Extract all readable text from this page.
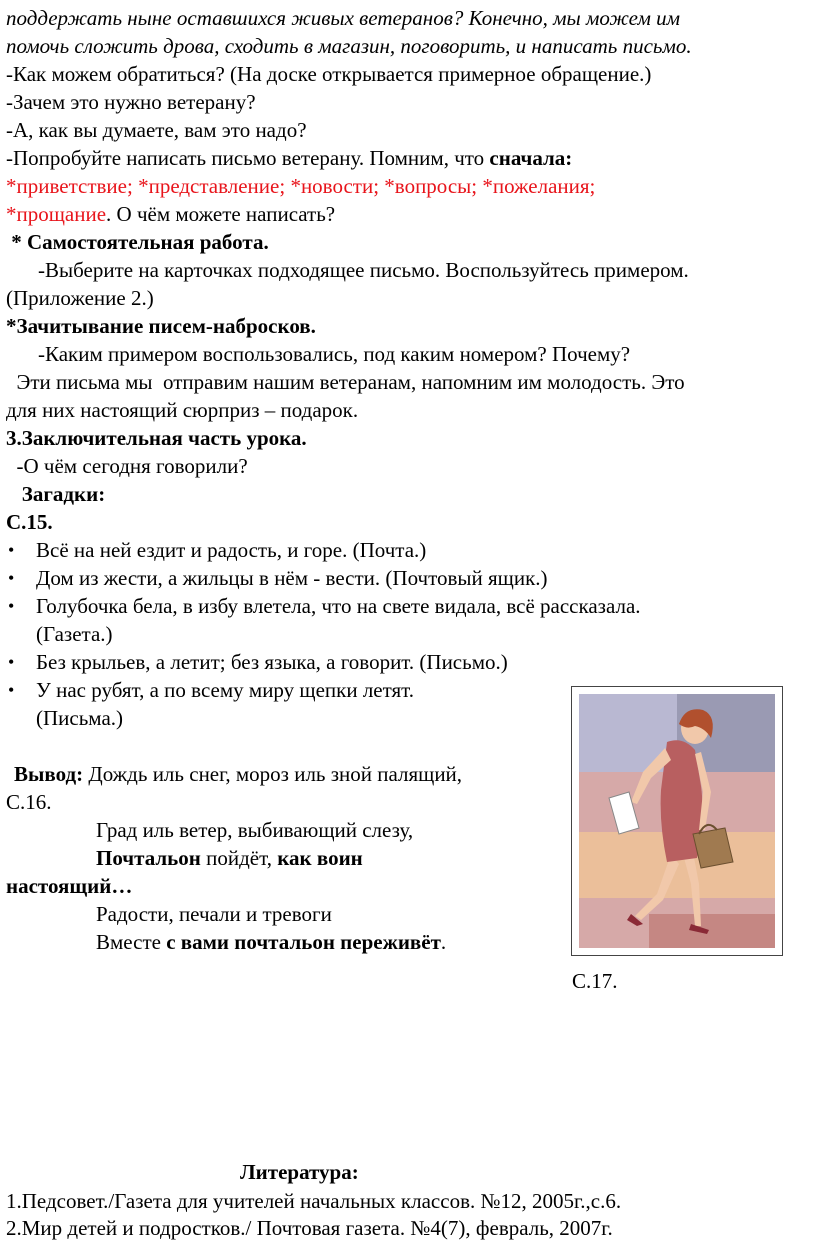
поддержать ныне оставшихся живых ветеранов? Конечно, мы можем им

помочь сложить дрова, сходить в магазин, поговорить, и написать письмо.

-Как можем обратиться? (На доске открывается примерное обращение.)

-Зачем это нужно ветерану?

-А, как вы думаете, вам это надо?

-Попробуйте написать письмо ветерану. Помним, что сначала:

*приветствие; *представление; *новости; *вопросы; *пожелания;

*прощание. О чём можете написать?

* Самостоятельная работа.

-Выберите на карточках подходящее письмо. Воспользуйтесь примером.

(Приложение 2.)

*Зачитывание писем-набросков.

-Каким примером воспользовались, под каким номером? Почему?

Эти письма мы  отправим нашим ветеранам, напомним им молодость. Это

для них настоящий сюрприз – подарок.

3.Заключительная часть урока.

-О чём сегодня говорили?

Загадки:

С.15.

• Всё на ней ездит и радость, и горе. (Почта.)
• Дом из жести, а жильцы в нём - вести. (Почтовый ящик.)
• Голубочка бела, в избу влетела, что на свете видала, всё рассказала.
(Газета.)
• Без крыльев, а летит; без языка, а говорит. (Письмо.)
• У нас рубят, а по всему миру щепки летят.
(Письма.)

Вывод: Дождь иль снег, мороз иль зной палящий,

С.16.

Град иль ветер, выбивающий слезу,

Почтальон пойдёт, как воин

настоящий…

Радости, печали и тревоги

Вместе с вами почтальон переживёт.

С.17.

Литература:

1.Педсовет./Газета для учителей начальных классов. №12, 2005г.,с.6.

2.Мир детей и подростков./ Почтовая газета. №4(7), февраль, 2007г.
